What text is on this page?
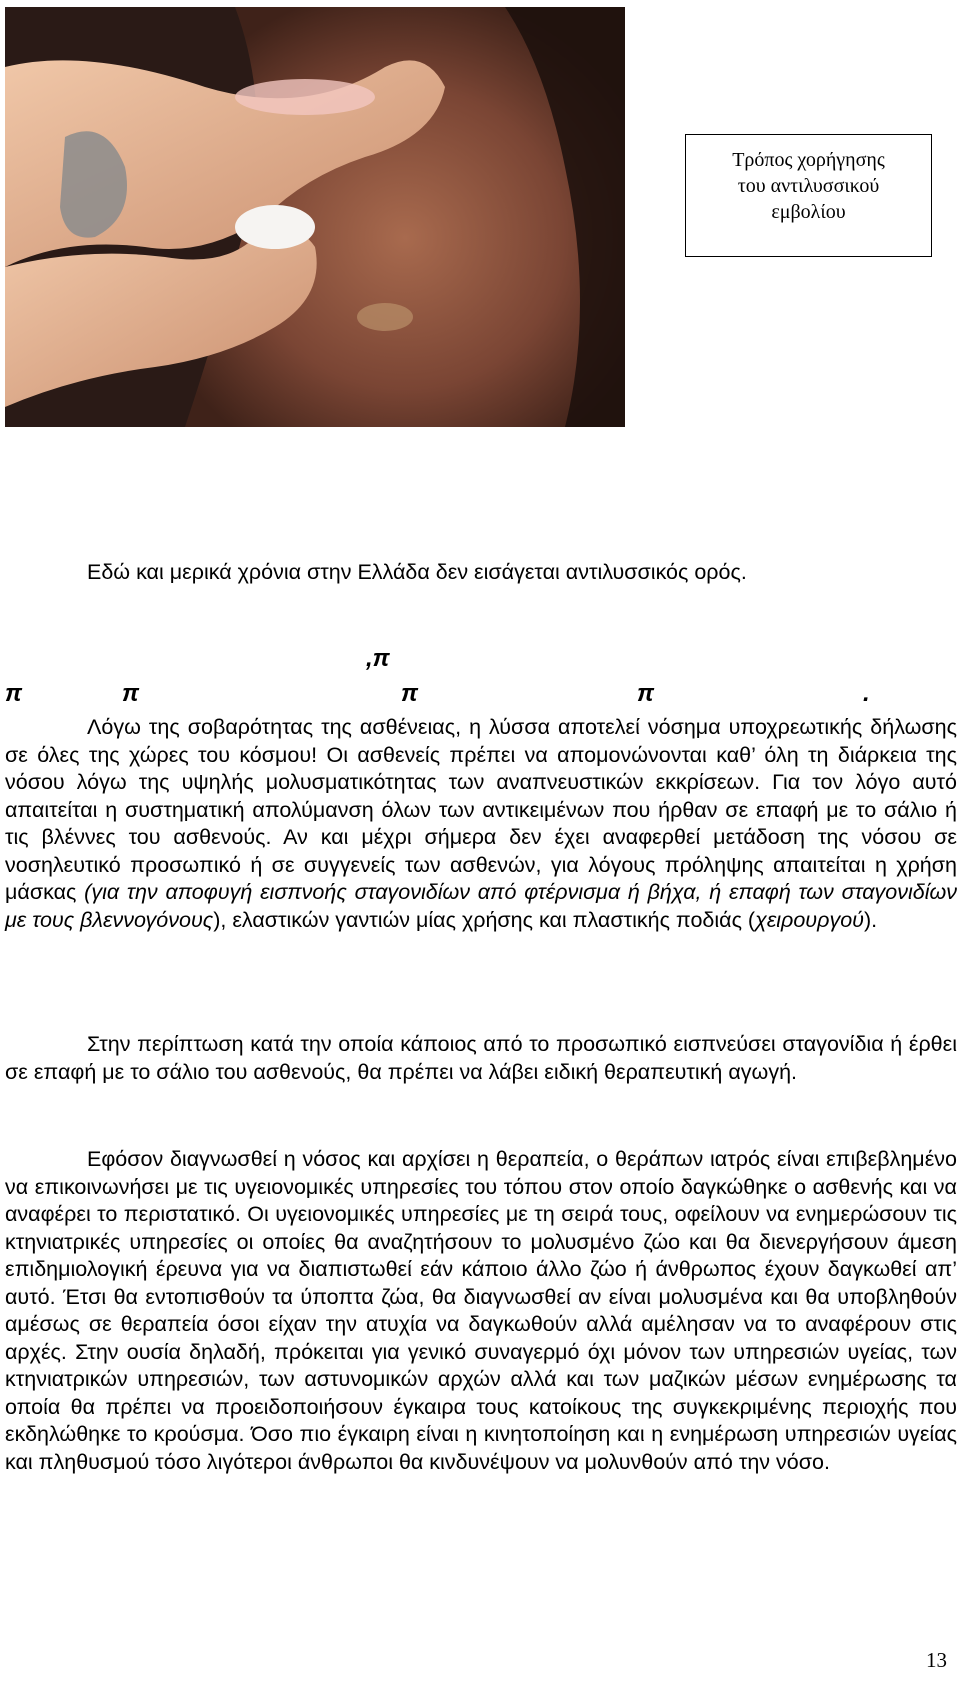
Τρόπος χορήγησης
του αντιλυσσικού
εμβολίου
Εδώ και μερικά χρόνια στην Ελλάδα δεν εισάγεται αντιλυσσικός ορός.
,π
π	π	π	π	.

Λόγω της σοβαρότητας της ασθένειας, η λύσσα αποτελεί νόσημα υποχρεωτικής δήλωσης σε όλες της χώρες του κόσμου! Οι ασθενείς πρέπει να απομονώνονται καθ’ όλη τη διάρκεια της νόσου λόγω της υψηλής μολυσματικότητας των αναπνευστικών εκκρίσεων. Για τον λόγο αυτό απαιτείται η συστηματική απολύμανση όλων των αντικειμένων που ήρθαν σε επαφή με το σάλιο ή τις βλέννες του ασθενούς. Αν και μέχρι σήμερα δεν έχει αναφερθεί μετάδοση της νόσου σε νοσηλευτικό προσωπικό ή σε συγγενείς των ασθενών, για λόγους πρόληψης απαιτείται η χρήση μάσκας (για την αποφυγή εισπνοής σταγονιδίων από φτέρνισμα ή βήχα, ή επαφή των σταγονιδίων με τους βλεννογόνους), ελαστικών γαντιών μίας χρήσης και πλαστικής ποδιάς (χειρουργού).

Στην περίπτωση κατά την οποία κάποιος από το προσωπικό εισπνεύσει σταγονίδια ή έρθει σε επαφή με το σάλιο του ασθενούς, θα πρέπει να λάβει ειδική θεραπευτική αγωγή.

Εφόσον διαγνωσθεί η νόσος και αρχίσει η θεραπεία, ο θεράπων ιατρός είναι επιβεβλημένο να επικοινωνήσει με τις υγειονομικές υπηρεσίες του τόπου στον οποίο δαγκώθηκε ο ασθενής και να αναφέρει το περιστατικό. Οι υγειονομικές υπηρεσίες με τη σειρά τους, οφείλουν να ενημερώσουν τις κτηνιατρικές υπηρεσίες οι οποίες θα αναζητήσουν το μολυσμένο ζώο και θα διενεργήσουν άμεση επιδημιολογική έρευνα για να διαπιστωθεί εάν κάποιο άλλο ζώο ή άνθρωπος έχουν δαγκωθεί απ’ αυτό. Έτσι θα εντοπισθούν τα ύποπτα ζώα, θα διαγνωσθεί αν είναι μολυσμένα και θα υποβληθούν αμέσως σε θεραπεία όσοι είχαν την ατυχία να δαγκωθούν αλλά αμέλησαν να το αναφέρουν στις αρχές. Στην ουσία δηλαδή, πρόκειται για γενικό συναγερμό όχι μόνον των υπηρεσιών υγείας, των κτηνιατρικών υπηρεσιών, των αστυνομικών αρχών αλλά και των μαζικών μέσων ενημέρωσης τα οποία θα πρέπει να προειδοποιήσουν έγκαιρα τους κατοίκους της συγκεκριμένης περιοχής που εκδηλώθηκε το κρούσμα. Όσο πιο έγκαιρη είναι η κινητοποίηση και η ενημέρωση υπηρεσιών υγείας και πληθυσμού τόσο λιγότεροι άνθρωποι θα κινδυνέψουν να μολυνθούν από την νόσο.

13
